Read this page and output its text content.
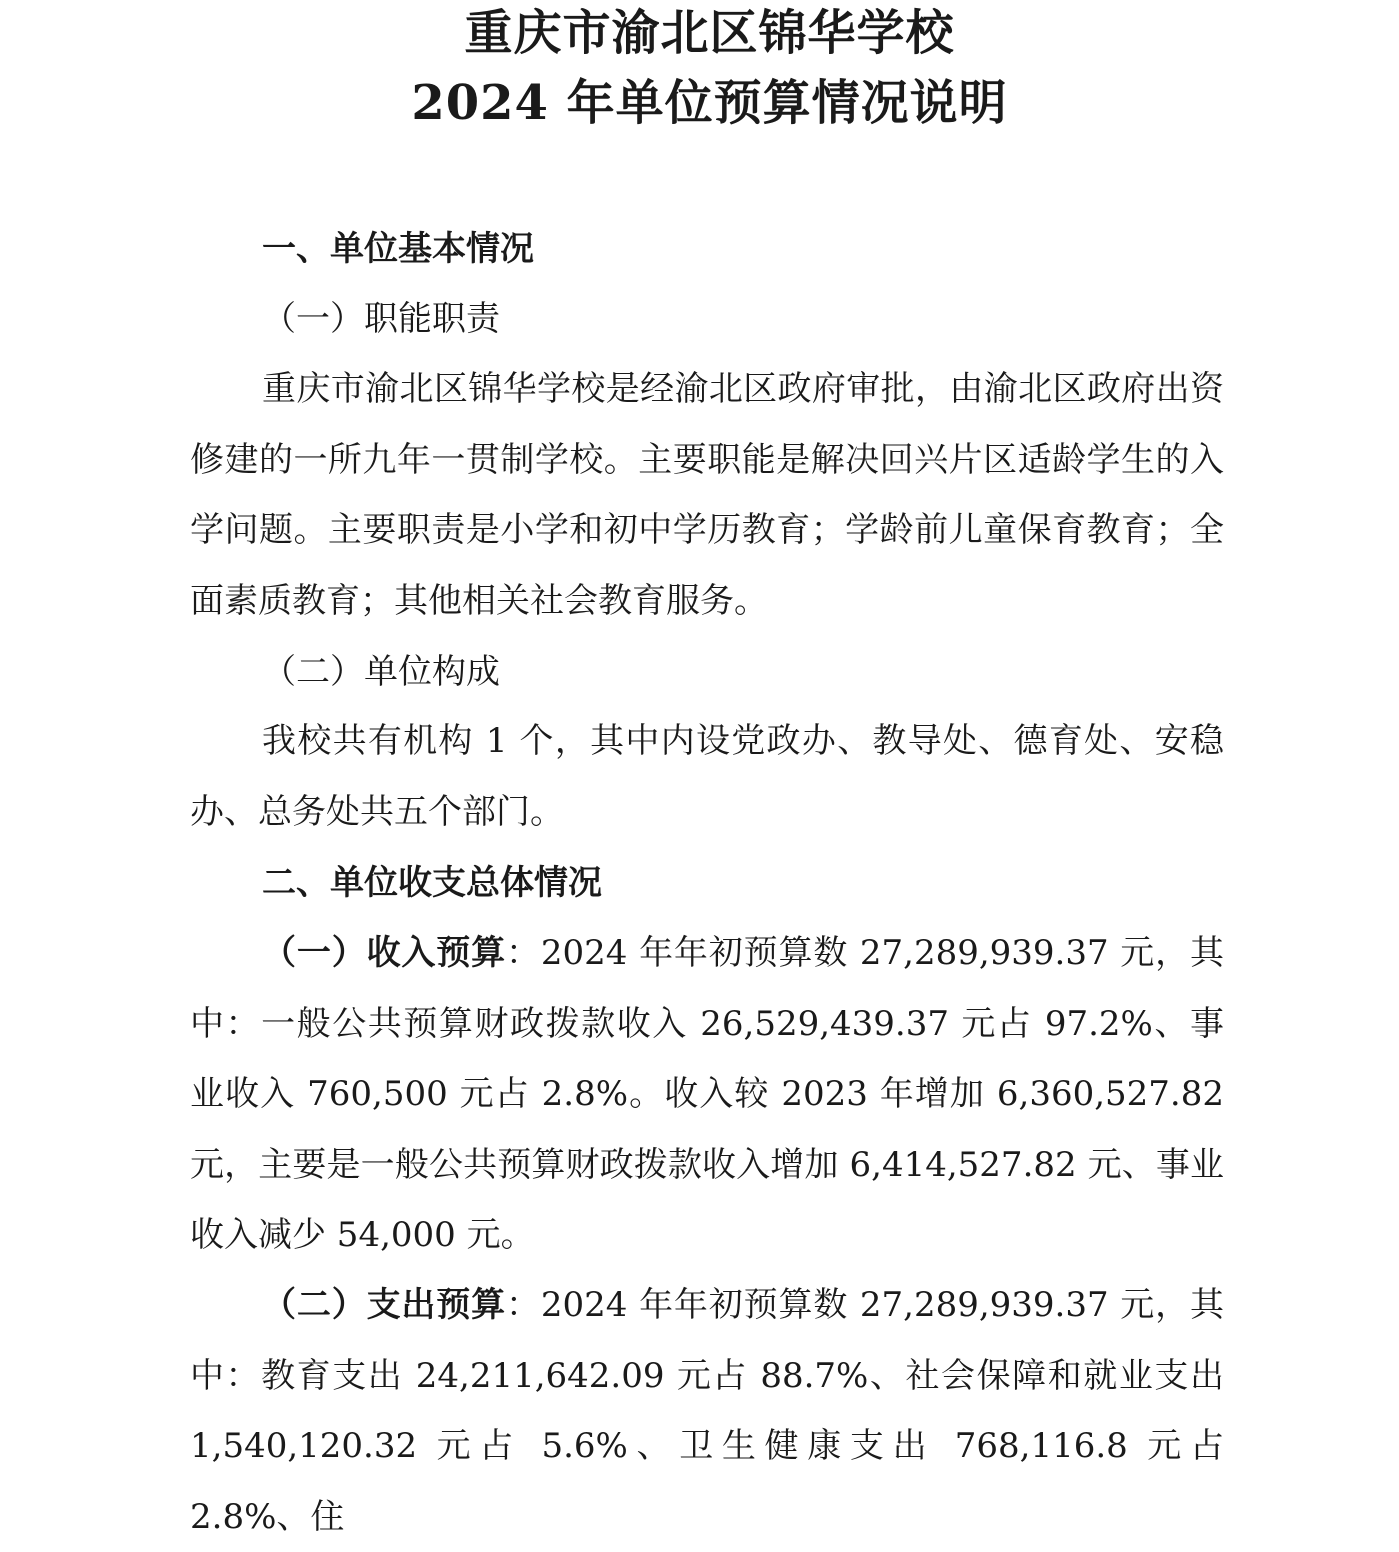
重庆市渝北区锦华学校
2024 年单位预算情况说明
一、单位基本情况
（一）职能职责

重庆市渝北区锦华学校是经渝北区政府审批，由渝北区政府出资修建的一所九年一贯制学校。主要职能是解决回兴片区适龄学生的入学问题。主要职责是小学和初中学历教育；学龄前儿童保育教育；全面素质教育；其他相关社会教育服务。

（二）单位构成

我校共有机构 1 个，其中内设党政办、教导处、德育处、安稳办、总务处共五个部门。

二、单位收支总体情况

（一）收入预算：2024 年年初预算数 27,289,939.37 元，其中：一般公共预算财政拨款收入 26,529,439.37 元占 97.2%、事业收入 760,500 元占 2.8%。收入较 2023 年增加 6,360,527.82 元，主要是一般公共预算财政拨款收入增加 6,414,527.82 元、事业收入减少 54,000 元。

（二）支出预算：2024 年年初预算数 27,289,939.37 元，其中：教育支出 24,211,642.09 元占 88.7%、社会保障和就业支出 1,540,120.32 元占 5.6%、卫生健康支出 768,116.8 元占 2.8%、住
